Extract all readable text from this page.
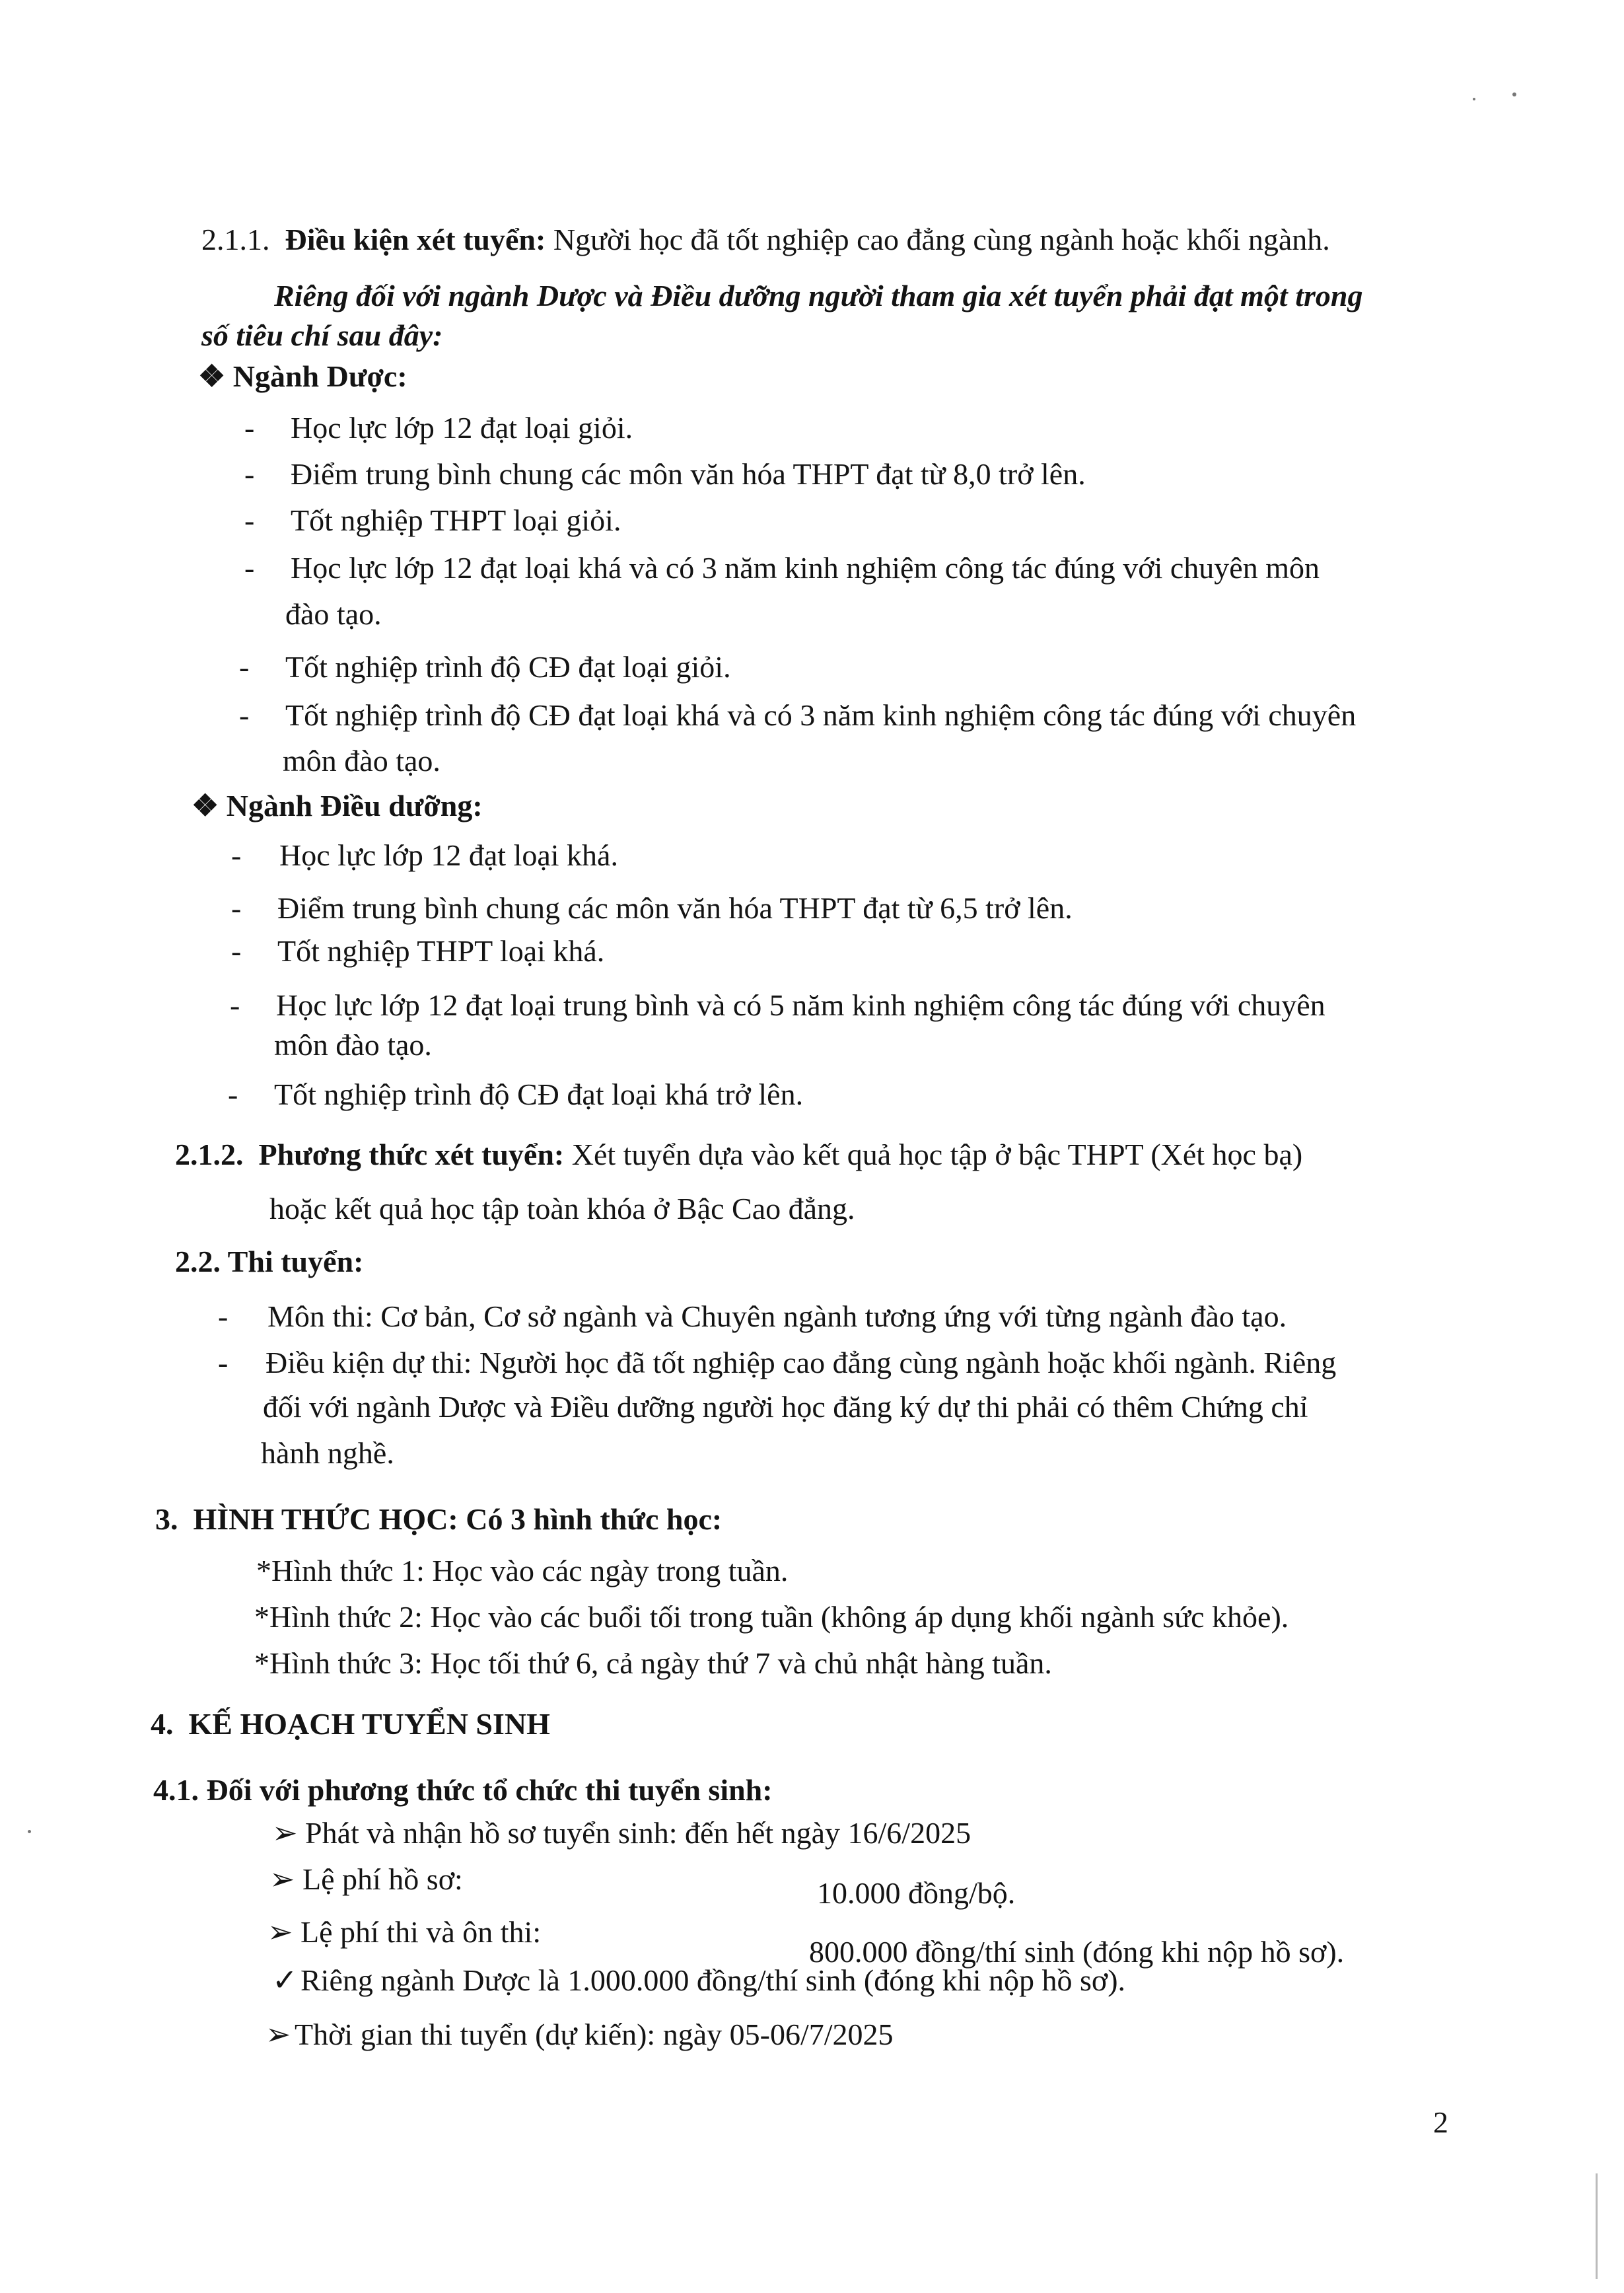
2.1.1. Điều kiện xét tuyển: Người học đã tốt nghiệp cao đẳng cùng ngành hoặc khối ngành.
Riêng đối với ngành Dược và Điều dưỡng người tham gia xét tuyển phải đạt một trong
số tiêu chí sau đây:
❖ Ngành Dược:
- Học lực lớp 12 đạt loại giỏi.
- Điểm trung bình chung các môn văn hóa THPT đạt từ 8,0 trở lên.
- Tốt nghiệp THPT loại giỏi.
- Học lực lớp 12 đạt loại khá và có 3 năm kinh nghiệm công tác đúng với chuyên môn
đào tạo.
- Tốt nghiệp trình độ CĐ đạt loại giỏi.
- Tốt nghiệp trình độ CĐ đạt loại khá và có 3 năm kinh nghiệm công tác đúng với chuyên
môn đào tạo.
❖ Ngành Điều dưỡng:
- Học lực lớp 12 đạt loại khá.
- Điểm trung bình chung các môn văn hóa THPT đạt từ 6,5 trở lên.
- Tốt nghiệp THPT loại khá.
- Học lực lớp 12 đạt loại trung bình và có 5 năm kinh nghiệm công tác đúng với chuyên
môn đào tạo.
- Tốt nghiệp trình độ CĐ đạt loại khá trở lên.
2.1.2. Phương thức xét tuyển: Xét tuyển dựa vào kết quả học tập ở bậc THPT (Xét học bạ)
hoặc kết quả học tập toàn khóa ở Bậc Cao đẳng.
2.2. Thi tuyển:
- Môn thi: Cơ bản, Cơ sở ngành và Chuyên ngành tương ứng với từng ngành đào tạo.
- Điều kiện dự thi: Người học đã tốt nghiệp cao đẳng cùng ngành hoặc khối ngành. Riêng
đối với ngành Dược và Điều dưỡng người học đăng ký dự thi phải có thêm Chứng chỉ
hành nghề.
3. HÌNH THỨC HỌC: Có 3 hình thức học:
*Hình thức 1: Học vào các ngày trong tuần.
*Hình thức 2: Học vào các buổi tối trong tuần (không áp dụng khối ngành sức khỏe).
*Hình thức 3: Học tối thứ 6, cả ngày thứ 7 và chủ nhật hàng tuần.
4. KẾ HOẠCH TUYỂN SINH
4.1. Đối với phương thức tổ chức thi tuyển sinh:
➢ Phát và nhận hồ sơ tuyển sinh: đến hết ngày 16/6/2025
➢ Lệ phí hồ sơ:	10.000 đồng/bộ.
➢ Lệ phí thi và ôn thi:
800.000 đồng/thí sinh (đóng khi nộp hồ sơ).
✓ Riêng ngành Dược là 1.000.000 đồng/thí sinh (đóng khi nộp hồ sơ).
➢ Thời gian thi tuyển (dự kiến): ngày 05-06/7/2025
2
